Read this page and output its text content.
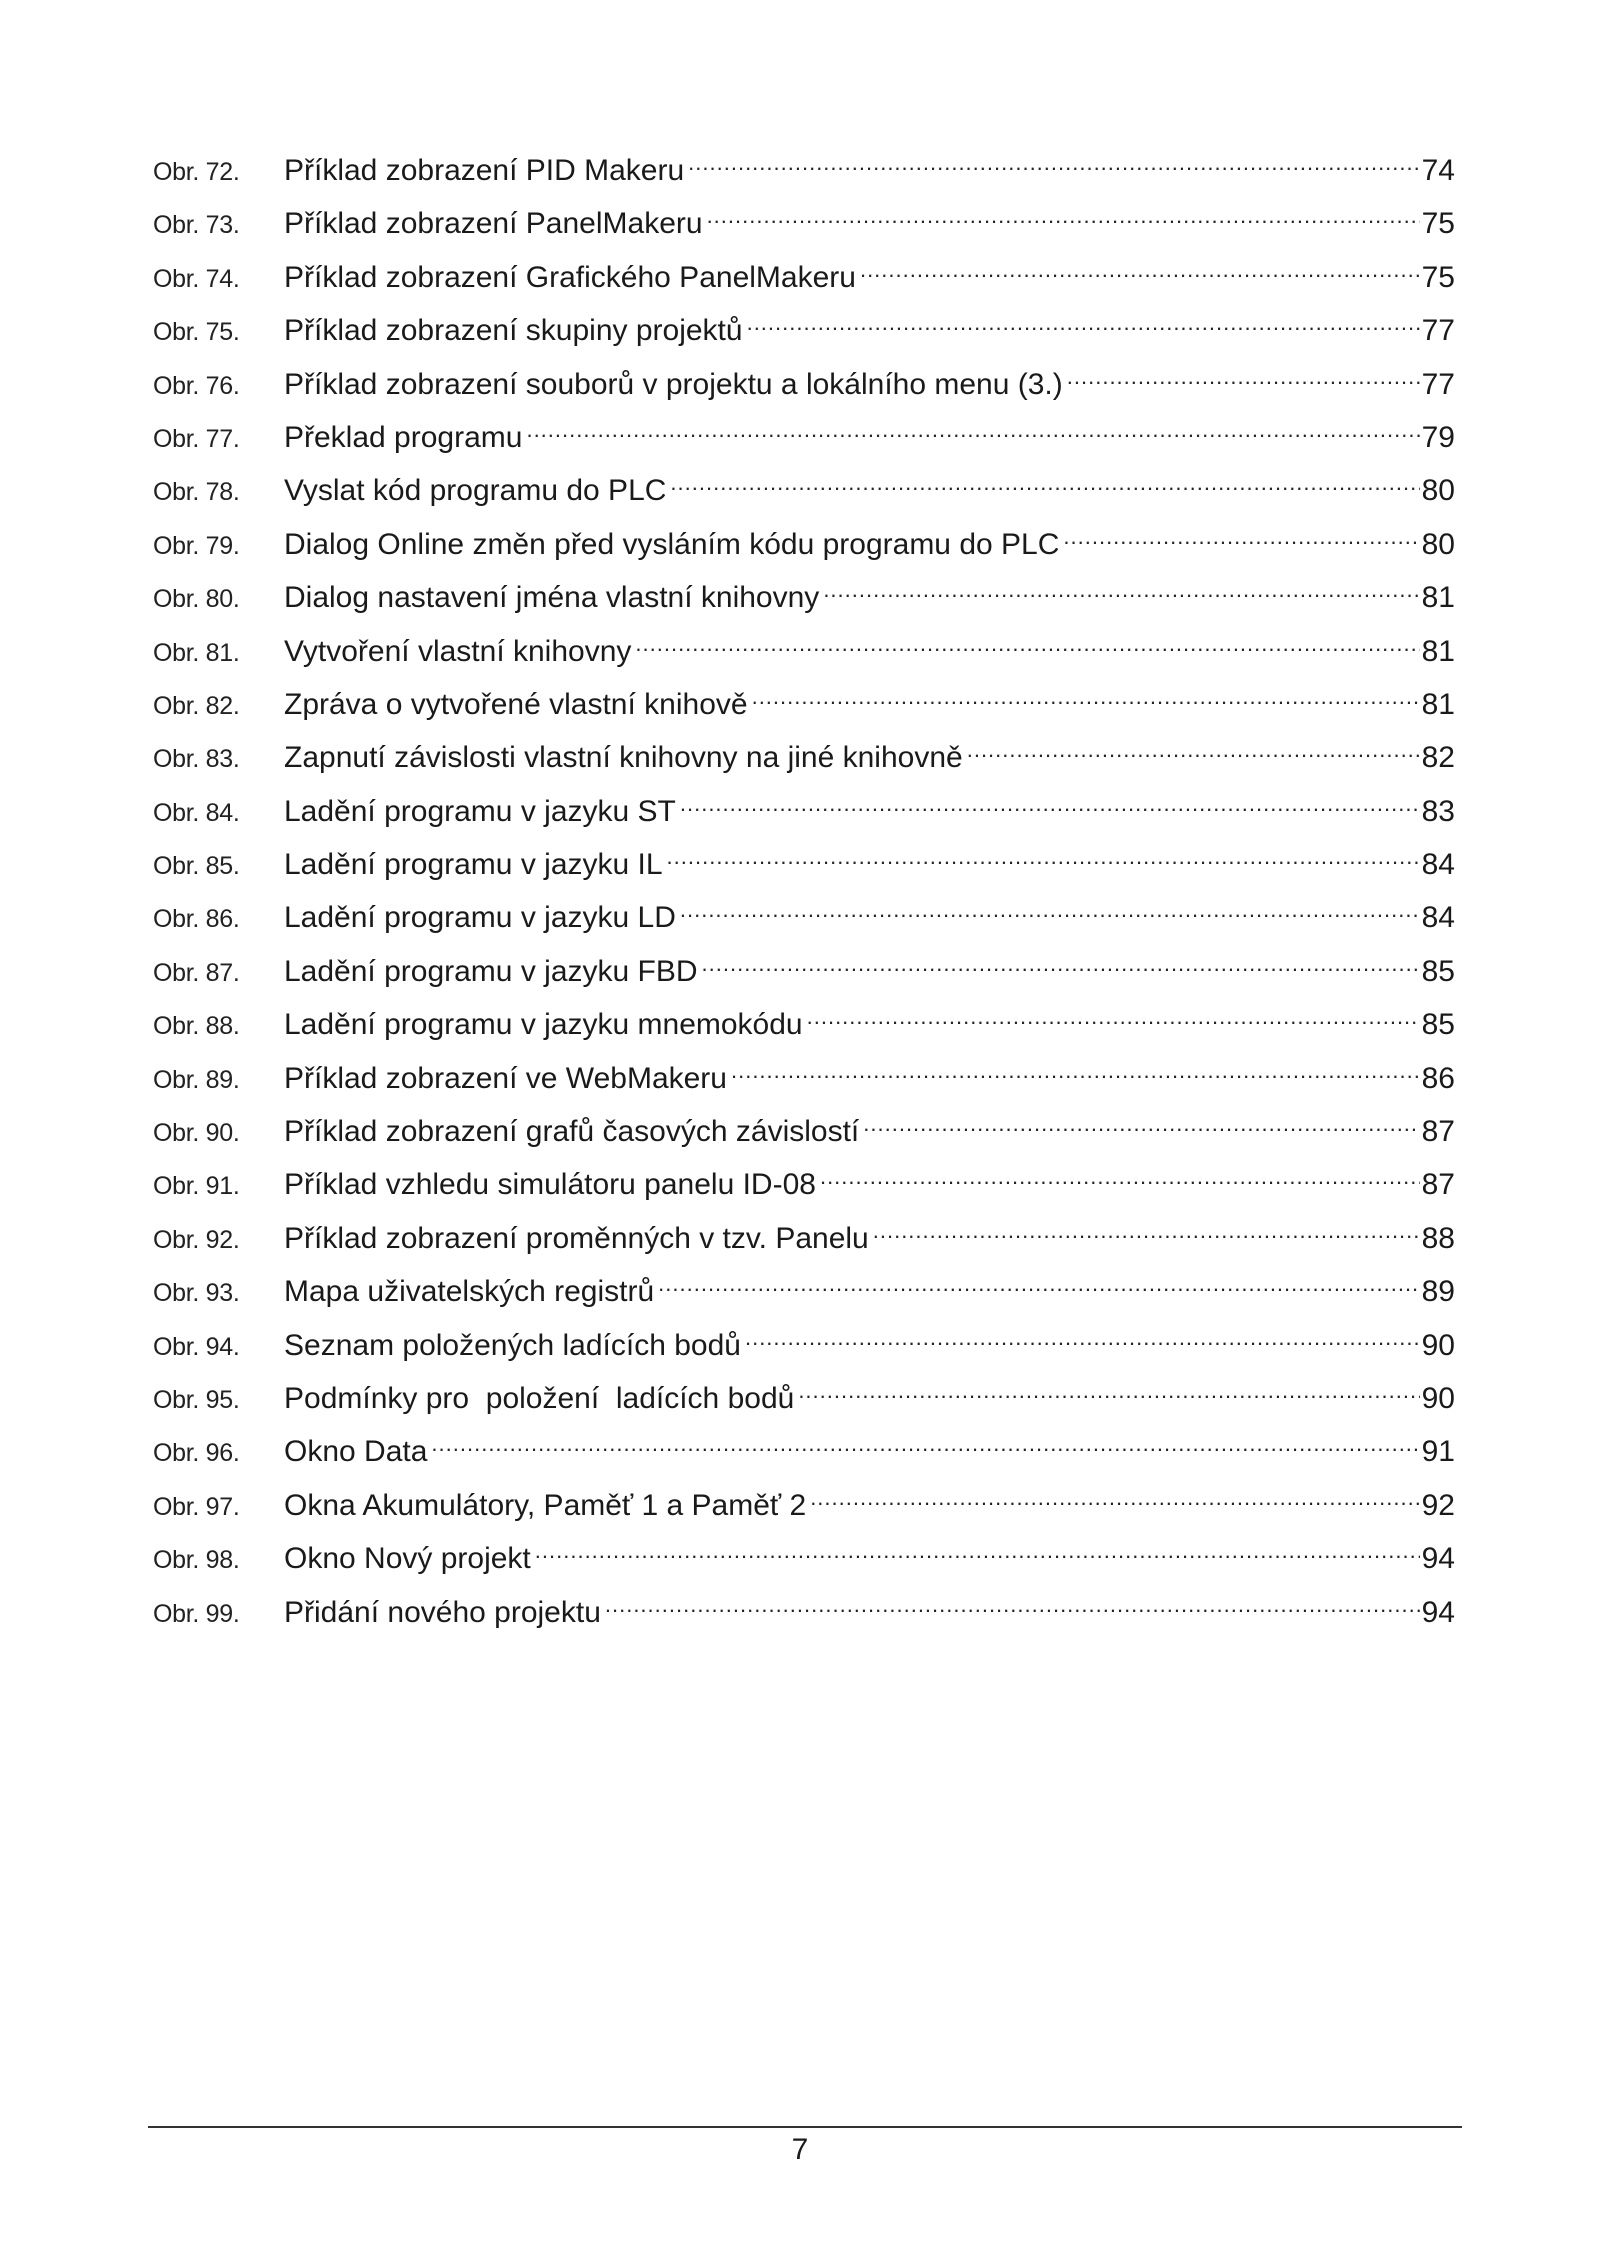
Obr. 72.	Příklad zobrazení PID Makeru .....	74
Obr. 73.	Příklad zobrazení PanelMakeru .....	75
Obr. 74.	Příklad zobrazení Grafického PanelMakeru .....	75
Obr. 75.	Příklad zobrazení skupiny projektů .....	77
Obr. 76.	Příklad zobrazení souborů v projektu a lokálního menu (3.) .....	77
Obr. 77.	Překlad programu .....	79
Obr. 78.	Vyslat kód programu do PLC .....	80
Obr. 79.	Dialog Online změn před vysláním kódu programu do PLC .....	80
Obr. 80.	Dialog nastavení jména vlastní knihovny .....	81
Obr. 81.	Vytvoření vlastní knihovny .....	81
Obr. 82.	Zpráva o vytvořené vlastní knihově .....	81
Obr. 83.	Zapnutí závislosti vlastní knihovny na jiné knihovně .....	82
Obr. 84.	Ladění programu v jazyku ST .....	83
Obr. 85.	Ladění programu v jazyku IL .....	84
Obr. 86.	Ladění programu v jazyku LD .....	84
Obr. 87.	Ladění programu v jazyku FBD .....	85
Obr. 88.	Ladění programu v jazyku mnemokódu .....	85
Obr. 89.	Příklad zobrazení ve WebMakeru .....	86
Obr. 90.	Příklad zobrazení grafů časových závislostí .....	87
Obr. 91.	Příklad vzhledu simulátoru panelu ID-08 .....	87
Obr. 92.	Příklad zobrazení proměnných v tzv. Panelu .....	88
Obr. 93.	Mapa uživatelských registrů .....	89
Obr. 94.	Seznam položených ladících bodů .....	90
Obr. 95.	Podmínky pro  položení  ladících bodů .....	90
Obr. 96.	Okno Data .....	91
Obr. 97.	Okna Akumulátory, Paměť 1 a Paměť 2 .....	92
Obr. 98.	Okno Nový projekt .....	94
Obr. 99.	Přidání nového projektu .....	94
7
